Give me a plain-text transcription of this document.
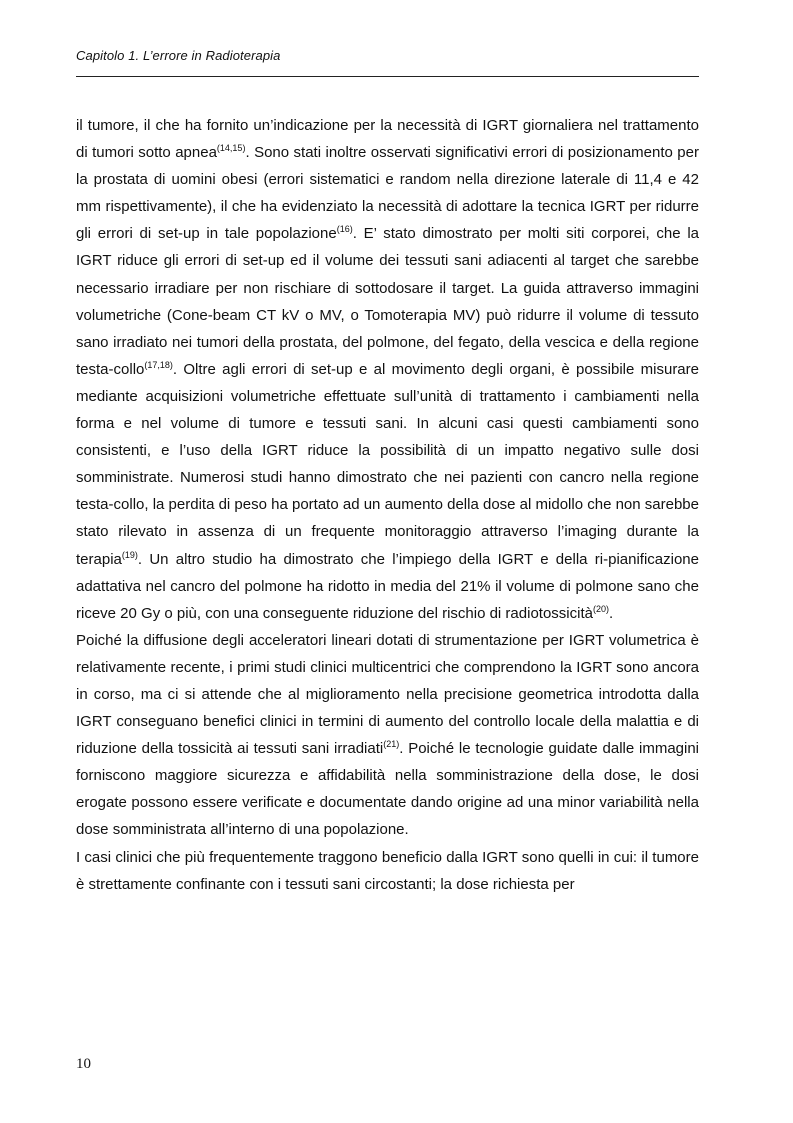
Capitolo 1. L’errore in Radioterapia

il tumore, il che ha fornito un’indicazione per la necessità di IGRT giornaliera nel trattamento di tumori sotto apnea$^{(14,15)}$. Sono stati inoltre osservati significativi errori di posizionamento per la prostata di uomini obesi (errori sistematici e random nella direzione laterale di 11,4 e 42 mm rispettivamente), il che ha evidenziato la necessità di adottare la tecnica IGRT per ridurre gli errori di set-up in tale popolazione$^{(16)}$. E’ stato dimostrato per molti siti corporei, che la IGRT riduce gli errori di set-up ed il volume dei tessuti sani adiacenti al target che sarebbe necessario irradiare per non rischiare di sottodosare il target. La guida attraverso immagini volumetriche (Cone-beam CT kV o MV, o Tomoterapia MV) può ridurre il volume di tessuto sano irradiato nei tumori della prostata, del polmone, del fegato, della vescica e della regione testa-collo$^{(17,18)}$. Oltre agli errori di set-up e al movimento degli organi, è possibile misurare mediante acquisizioni volumetriche effettuate sull’unità di trattamento i cambiamenti nella forma e nel volume di tumore e tessuti sani. In alcuni casi questi cambiamenti sono consistenti, e l’uso della IGRT riduce la possibilità di un impatto negativo sulle dosi somministrate. Numerosi studi hanno dimostrato che nei pazienti con cancro nella regione testa-collo, la perdita di peso ha portato ad un aumento della dose al midollo che non sarebbe stato rilevato in assenza di un frequente monitoraggio attraverso l’imaging durante la terapia$^{(19)}$. Un altro studio ha dimostrato che l’impiego della IGRT e della ri-pianificazione adattativa nel cancro del polmone ha ridotto in media del 21% il volume di polmone sano che riceve 20 Gy o più, con una conseguente riduzione del rischio di radiotossicità$^{(20)}$.

Poiché la diffusione degli acceleratori lineari dotati di strumentazione per IGRT volumetrica è relativamente recente, i primi studi clinici multicentrici che comprendono la IGRT sono ancora in corso, ma ci si attende che al miglioramento nella precisione geometrica introdotta dalla IGRT conseguano benefici clinici in termini di aumento del controllo locale della malattia e di riduzione della tossicità ai tessuti sani irradiati$^{(21)}$. Poiché le tecnologie guidate dalle immagini forniscono maggiore sicurezza e affidabilità nella somministrazione della dose, le dosi erogate possono essere verificate e documentate dando origine ad una minor variabilità nella dose somministrata all’interno di una popolazione.

I casi clinici che più frequentemente traggono beneficio dalla IGRT sono quelli in cui: il tumore è strettamente confinante con i tessuti sani circostanti; la dose richiesta per

10
